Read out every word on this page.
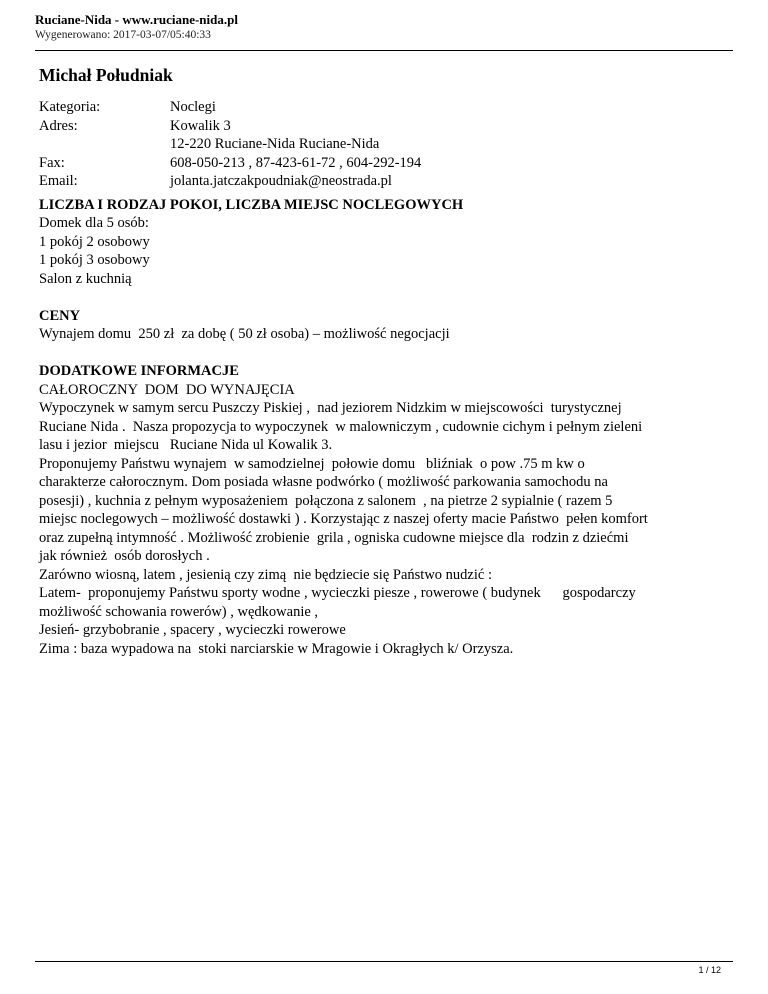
Ruciane-Nida - www.ruciane-nida.pl
Wygenerowano: 2017-03-07/05:40:33
Michał Południak
Kategoria:	Noclegi
Adres:	Kowalik 3
	12-220 Ruciane-Nida Ruciane-Nida
Fax:	608-050-213 , 87-423-61-72 , 604-292-194
Email:	jolanta.jatczakpoudniak@neostrada.pl
LICZBA I RODZAJ POKOI, LICZBA MIEJSC NOCLEGOWYCH
Domek dla 5 osób:
1 pokój 2 osobowy
1 pokój 3 osobowy
Salon z kuchnią
CENY
Wynajem domu  250 zł  za dobę ( 50 zł osoba) – możliwość negocjacji
DODATKOWE INFORMACJE
CAŁOROCZNY  DOM  DO WYNAJĘCIA
Wypoczynek w samym sercu Puszczy Piskiej ,  nad jeziorem Nidzkim w miejscowości  turystycznej
Ruciane Nida .  Nasza propozycja to wypoczynek  w malowniczym , cudownie cichym i pełnym zieleni
lasu i jezior  miejscu   Ruciane Nida ul Kowalik 3.
Proponujemy Państwu wynajem  w samodzielnej  połowie domu   bliźniak  o pow .75 m kw o
charakterze całorocznym. Dom posiada własne podwórko ( możliwość parkowania samochodu na
posesji) , kuchnia z pełnym wyposażeniem  połączona z salonem  , na pietrze 2 sypialnie ( razem 5
miejsc noclegowych – możliwość dostawki ) . Korzystając z naszej oferty macie Państwo  pełen komfort
oraz zupełną intymność . Możliwość zrobienie  grila , ogniska cudowne miejsce dla  rodzin z dziećmi
jak również  osób dorosłych .
Zarówno wiosną, latem , jesienią czy zimą  nie będziecie się Państwo nudzić :
Latem-  proponujemy Państwu sporty wodne , wycieczki piesze , rowerowe ( budynek      gospodarczy
możliwość schowania rowerów) , wędkowanie ,
Jesień- grzybobranie , spacery , wycieczki rowerowe
Zima : baza wypadowa na  stoki narciarskie w Mragowie i Okragłych k/ Orzysza.
1 / 12
